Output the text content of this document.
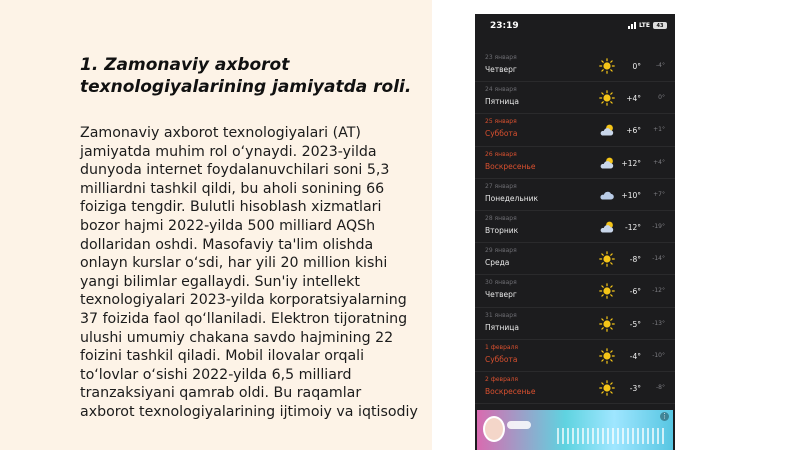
1. Zamonaviy axborot texnologiyalarining jamiyatda roli.
Zamonaviy axborot texnologiyalari (AT) jamiyatda muhim rol o‘ynaydi. 2023-yilda dunyoda internet foydalanuvchilari soni 5,3 milliardni tashkil qildi, bu aholi sonining 66 foiziga tengdir. Bulutli hisoblash xizmatlari bozor hajmi 2022-yilda 500 milliard AQSh dollaridan oshdi. Masofaviy ta'lim olishda onlayn kurslar o‘sdi, har yili 20 million kishi yangi bilimlar egallaydi. Sun'iy intellekt texnologiyalari 2023-yilda korporatsiyalarning 37 foizida faol qo‘llaniladi. Elektron tijoratning ulushi umumiy chakana savdo hajmining 22 foizini tashkil qiladi. Mobil ilovalar orqali to‘lovlar o‘sishi 2022-yilda 6,5 milliard tranzaksiyani qamrab oldi. Bu raqamlar axborot texnologiyalarining ijtimoiy va iqtisodiy
23:19	LTE	43
23 января
Четверг	0°	-4°
24 января
Пятница	+4°	0°
25 января
Суббота	+6°	+1°
26 января
Воскресенье	+12°	+4°
27 января
Понедельник	+10°	+7°
28 января
Вторник	-12°	-19°
29 января
Среда	-8°	-14°
30 января
Четверг	-6°	-12°
31 января
Пятница	-5°	-13°
1 февраля
Суббота	-4°	-10°
2 февраля
Воскресенье	-3°	-8°
⋮
